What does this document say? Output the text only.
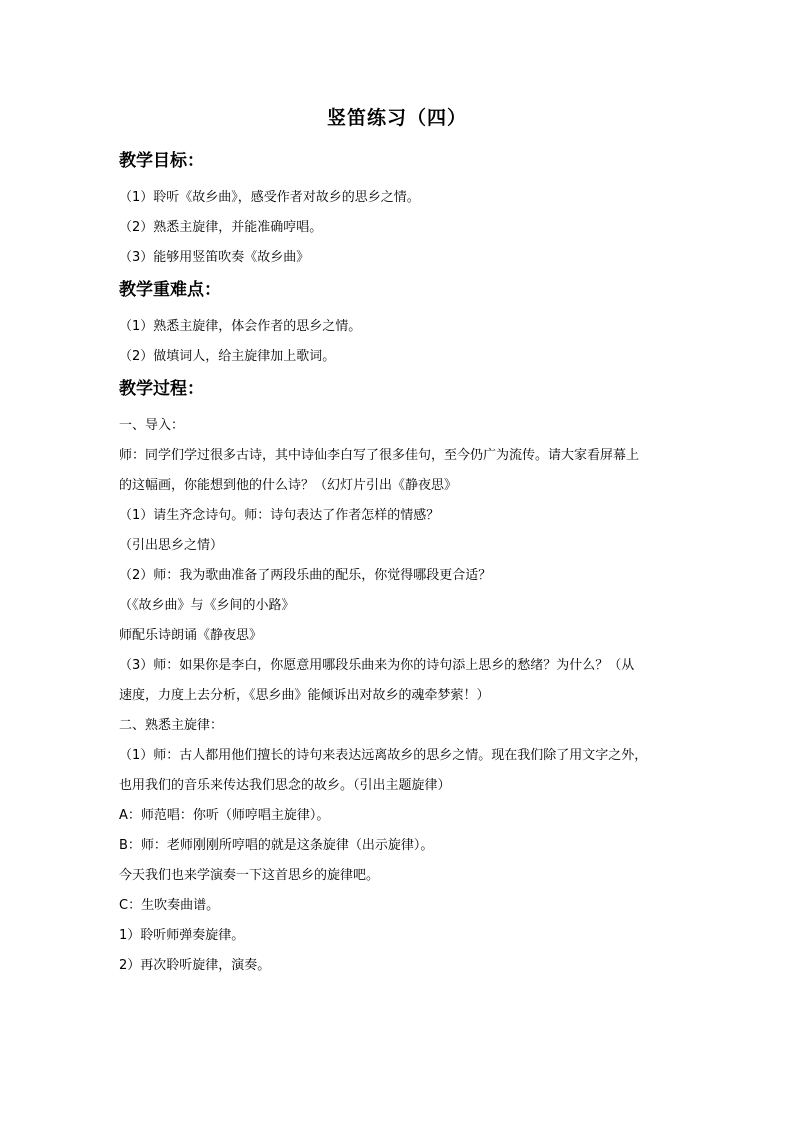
竖笛练习（四）
教学目标：
（1）聆听《故乡曲》，感受作者对故乡的思乡之情。
（2）熟悉主旋律，并能准确哼唱。
（3）能够用竖笛吹奏《故乡曲》
教学重难点：
（1）熟悉主旋律，体会作者的思乡之情。
（2）做填词人，给主旋律加上歌词。
教学过程：
一、导入：
师：同学们学过很多古诗，其中诗仙李白写了很多佳句，至今仍广为流传。请大家看屏幕上
的这幅画，你能想到他的什么诗？（幻灯片引出《静夜思》
（1）请生齐念诗句。师：诗句表达了作者怎样的情感？
（引出思乡之情）
（2）师：我为歌曲准备了两段乐曲的配乐，你觉得哪段更合适？
（《故乡曲》与《乡间的小路》
师配乐诗朗诵《静夜思》
（3）师：如果你是李白，你愿意用哪段乐曲来为你的诗句添上思乡的愁绪？为什么？（从
速度，力度上去分析，《思乡曲》能倾诉出对故乡的魂牵梦萦！）
二、熟悉主旋律：
（1）师：古人都用他们擅长的诗句来表达远离故乡的思乡之情。现在我们除了用文字之外，
也用我们的音乐来传达我们思念的故乡。（引出主题旋律）
A：师范唱：你听（师哼唱主旋律）。
B：师：老师刚刚所哼唱的就是这条旋律（出示旋律）。
今天我们也来学演奏一下这首思乡的旋律吧。
C：生吹奏曲谱。
1）聆听师弹奏旋律。
2）再次聆听旋律，演奏。
